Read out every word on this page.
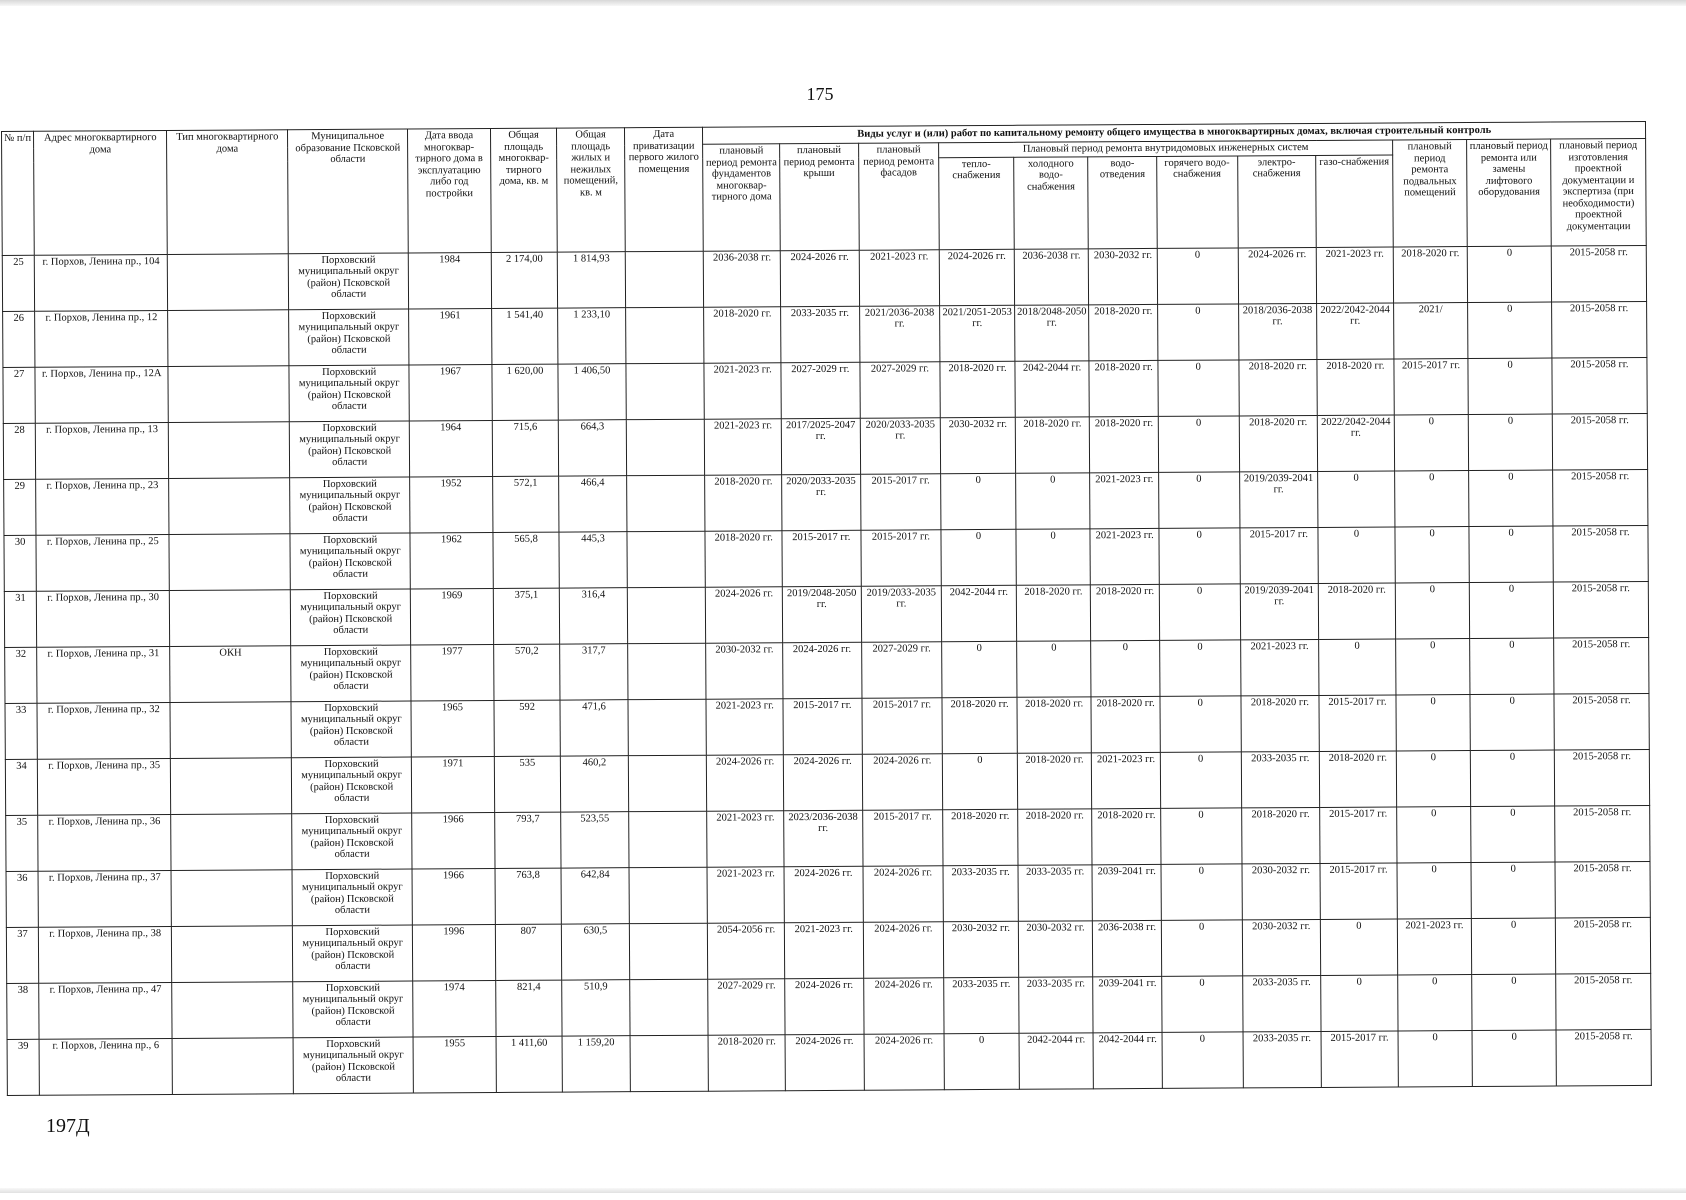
175
№ п/п	Адрес многоквартирного дома	Тип многоквартирного дома	Муниципальное образование Псковской области	Дата ввода многоквар-тирного дома в эксплуатацию либо год постройки	Общая площадь многоквар-тирного дома, кв. м	Общая площадь жилых и нежилых помещений, кв. м	Дата приватизации первого жилого помещения	Виды услуг и (или) работ по капитальному ремонту общего имущества в многоквартирных домах, включая строительный контроль											
								плановый период ремонта фундаментов многоквар-тирного дома	плановый период ремонта крыши	плановый период ремонта фасадов	Плановый период ремонта внутридомовых инженерных систем						плановый период ремонта подвальных помещений	плановый период ремонта или замены лифтового оборудования	плановый период изготовления проектной документации и экспертиза (при необходимости) проектной документации
											тепло-снабжения	холодного водо-снабжения	водо-отведения	горячего водо-снабжения	электро-снабжения	газо-снабжения			
25	г. Порхов, Ленина пр., 104		Порховский муниципальный округ (район) Псковской области	1984	2 174,00	1 814,93		2036-2038 гг.	2024-2026 гг.	2021-2023 гг.	2024-2026 гг.	2036-2038 гг.	2030-2032 гг.	0	2024-2026 гг.	2021-2023 гг.	2018-2020 гг.	0	2015-2058 гг.
26	г. Порхов, Ленина пр., 12		Порховский муниципальный округ (район) Псковской области	1961	1 541,40	1 233,10		2018-2020 гг.	2033-2035 гг.	2021/2036-2038 гг.	2021/2051-2053 гг.	2018/2048-2050 гг.	2018-2020 гг.	0	2018/2036-2038 гг.	2022/2042-2044 гг.	2021/	0	2015-2058 гг.
27	г. Порхов, Ленина пр., 12А		Порховский муниципальный округ (район) Псковской области	1967	1 620,00	1 406,50		2021-2023 гг.	2027-2029 гг.	2027-2029 гг.	2018-2020 гг.	2042-2044 гг.	2018-2020 гг.	0	2018-2020 гг.	2018-2020 гг.	2015-2017 гг.	0	2015-2058 гг.
28	г. Порхов, Ленина пр., 13		Порховский муниципальный округ (район) Псковской области	1964	715,6	664,3		2021-2023 гг.	2017/2025-2047 гг.	2020/2033-2035 гг.	2030-2032 гг.	2018-2020 гг.	2018-2020 гг.	0	2018-2020 гг.	2022/2042-2044 гг.	0	0	2015-2058 гг.
29	г. Порхов, Ленина пр., 23		Порховский муниципальный округ (район) Псковской области	1952	572,1	466,4		2018-2020 гг.	2020/2033-2035 гг.	2015-2017 гг.	0	0	2021-2023 гг.	0	2019/2039-2041 гг.	0	0	0	2015-2058 гг.
30	г. Порхов, Ленина пр., 25		Порховский муниципальный округ (район) Псковской области	1962	565,8	445,3		2018-2020 гг.	2015-2017 гг.	2015-2017 гг.	0	0	2021-2023 гг.	0	2015-2017 гг.	0	0	0	2015-2058 гг.
31	г. Порхов, Ленина пр., 30		Порховский муниципальный округ (район) Псковской области	1969	375,1	316,4		2024-2026 гг.	2019/2048-2050 гг.	2019/2033-2035 гг.	2042-2044 гг.	2018-2020 гг.	2018-2020 гг.	0	2019/2039-2041 гг.	2018-2020 гг.	0	0	2015-2058 гг.
32	г. Порхов, Ленина пр., 31	ОКН	Порховский муниципальный округ (район) Псковской области	1977	570,2	317,7		2030-2032 гг.	2024-2026 гг.	2027-2029 гг.	0	0	0	0	2021-2023 гг.	0	0	0	2015-2058 гг.
33	г. Порхов, Ленина пр., 32		Порховский муниципальный округ (район) Псковской области	1965	592	471,6		2021-2023 гг.	2015-2017 гг.	2015-2017 гг.	2018-2020 гг.	2018-2020 гг.	2018-2020 гг.	0	2018-2020 гг.	2015-2017 гг.	0	0	2015-2058 гг.
34	г. Порхов, Ленина пр., 35		Порховский муниципальный округ (район) Псковской области	1971	535	460,2		2024-2026 гг.	2024-2026 гг.	2024-2026 гг.	0	2018-2020 гг.	2021-2023 гг.	0	2033-2035 гг.	2018-2020 гг.	0	0	2015-2058 гг.
35	г. Порхов, Ленина пр., 36		Порховский муниципальный округ (район) Псковской области	1966	793,7	523,55		2021-2023 гг.	2023/2036-2038 гг.	2015-2017 гг.	2018-2020 гг.	2018-2020 гг.	2018-2020 гг.	0	2018-2020 гг.	2015-2017 гг.	0	0	2015-2058 гг.
36	г. Порхов, Ленина пр., 37		Порховский муниципальный округ (район) Псковской области	1966	763,8	642,84		2021-2023 гг.	2024-2026 гг.	2024-2026 гг.	2033-2035 гг.	2033-2035 гг.	2039-2041 гг.	0	2030-2032 гг.	2015-2017 гг.	0	0	2015-2058 гг.
37	г. Порхов, Ленина пр., 38		Порховский муниципальный округ (район) Псковской области	1996	807	630,5		2054-2056 гг.	2021-2023 гг.	2024-2026 гг.	2030-2032 гг.	2030-2032 гг.	2036-2038 гг.	0	2030-2032 гг.	0	2021-2023 гг.	0	2015-2058 гг.
38	г. Порхов, Ленина пр., 47		Порховский муниципальный округ (район) Псковской области	1974	821,4	510,9		2027-2029 гг.	2024-2026 гг.	2024-2026 гг.	2033-2035 гг.	2033-2035 гг.	2039-2041 гг.	0	2033-2035 гг.	0	0	0	2015-2058 гг.
39	г. Порхов, Ленина пр., 6		Порховский муниципальный округ (район) Псковской области	1955	1 411,60	1 159,20		2018-2020 гг.	2024-2026 гг.	2024-2026 гг.	0	2042-2044 гг.	2042-2044 гг.	0	2033-2035 гг.	2015-2017 гг.	0	0	2015-2058 гг.
197Д
